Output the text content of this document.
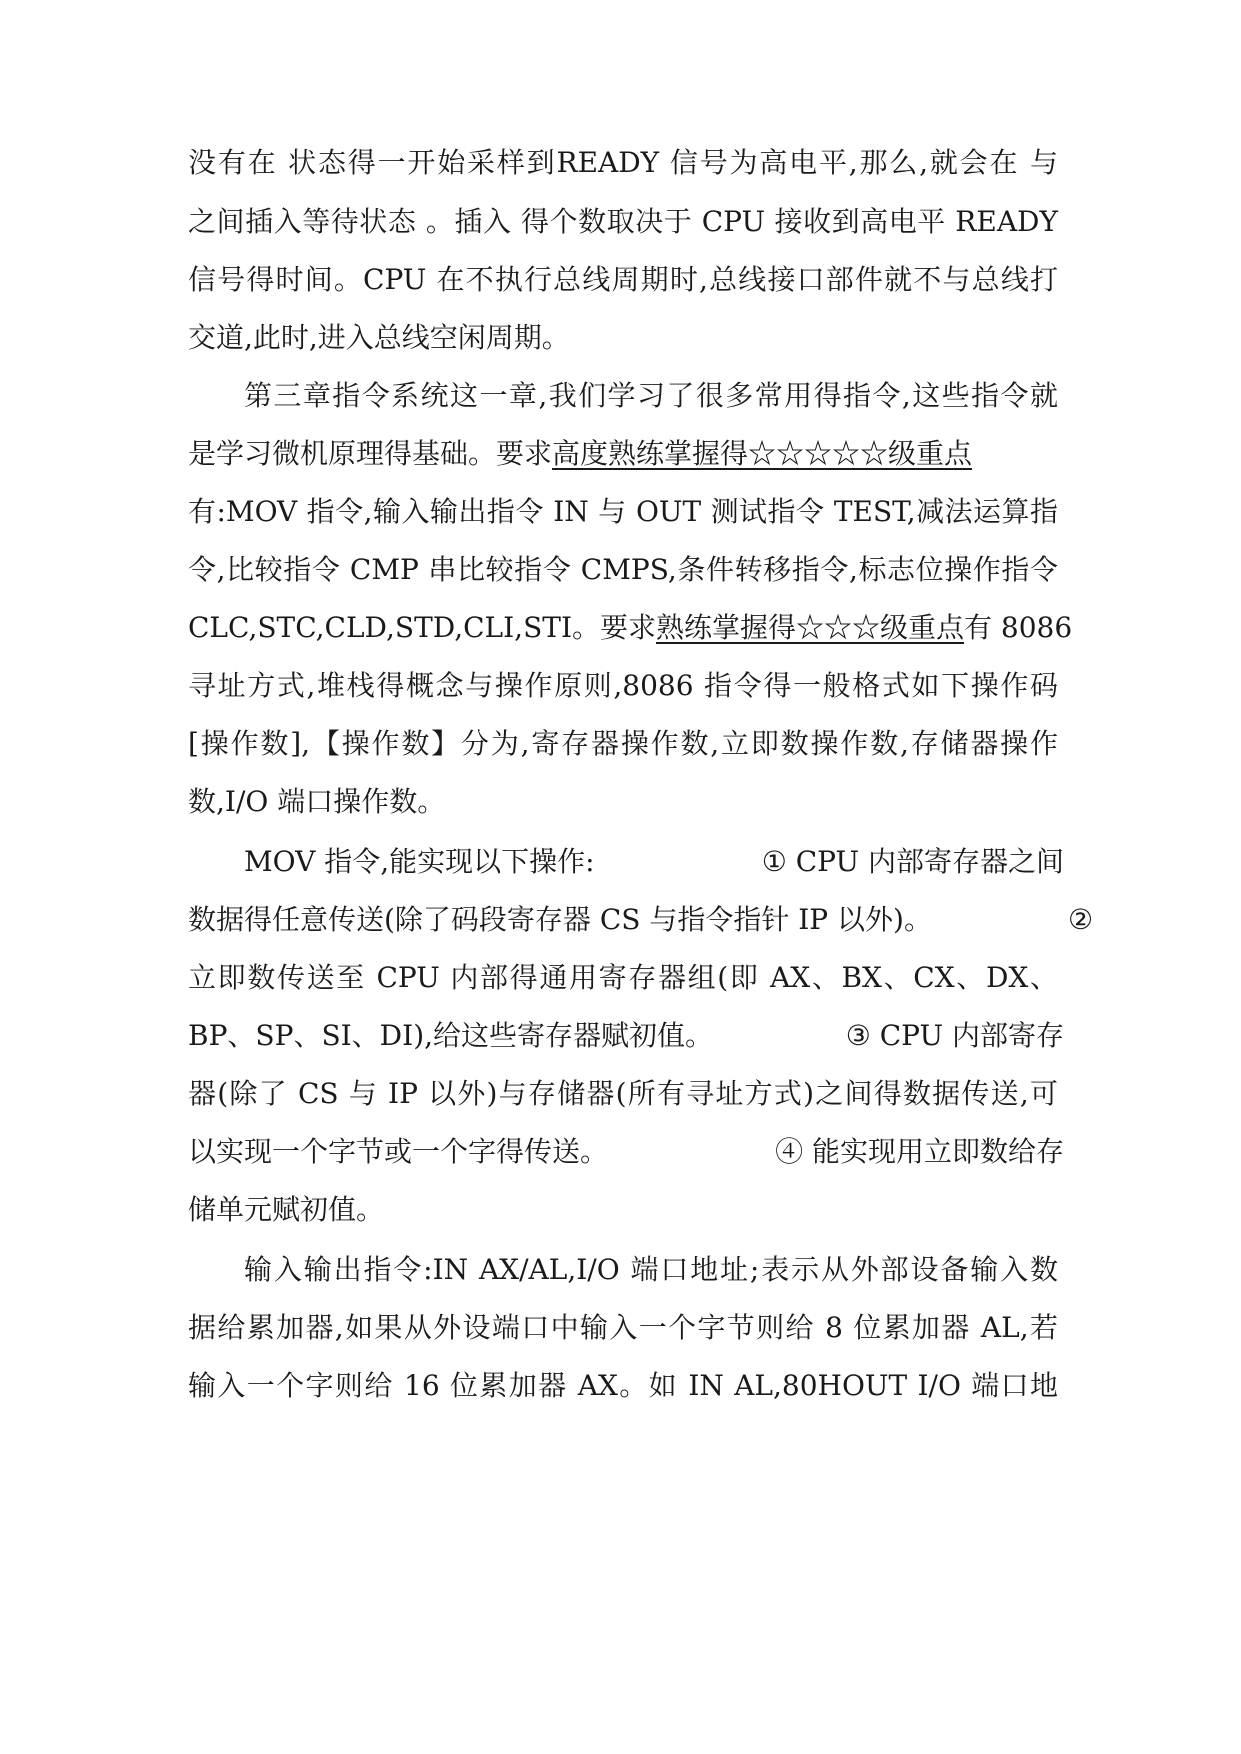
没有在 状态得一开始采样到READY 信号为高电平,那么,就会在 与
之间插入等待状态 。插入 得个数取决于 CPU 接收到高电平 READY
信号得时间。CPU 在不执行总线周期时,总线接口部件就不与总线打
交道,此时,进入总线空闲周期。
第三章指令系统这一章,我们学习了很多常用得指令,这些指令就
是学习微机原理得基础。要求高度熟练掌握得☆☆☆☆☆级重点
有:MOV 指令,输入输出指令 IN 与 OUT 测试指令 TEST,减法运算指
令,比较指令 CMP 串比较指令 CMPS,条件转移指令,标志位操作指令
CLC,STC,CLD,STD,CLI,STI。要求熟练掌握得☆☆☆级重点有 8086
寻址方式,堆栈得概念与操作原则,8086 指令得一般格式如下操作码
[操作数],【操作数】分为,寄存器操作数,立即数操作数,存储器操作
数,I/O 端口操作数。
MOV 指令,能实现以下操作:	① CPU 内部寄存器之间
数据得任意传送(除了码段寄存器 CS 与指令指针 IP 以外)。	②
立即数传送至 CPU 内部得通用寄存器组(即 AX、BX、CX、DX、
BP、SP、SI、DI),给这些寄存器赋初值。	③ CPU 内部寄存
器(除了 CS 与 IP 以外)与存储器(所有寻址方式)之间得数据传送,可
以实现一个字节或一个字得传送。	④ 能实现用立即数给存
储单元赋初值。
输入输出指令:IN AX/AL,I/O 端口地址;表示从外部设备输入数
据给累加器,如果从外设端口中输入一个字节则给 8 位累加器 AL,若
输入一个字则给 16 位累加器 AX。如 IN AL,80HOUT I/O 端口地
